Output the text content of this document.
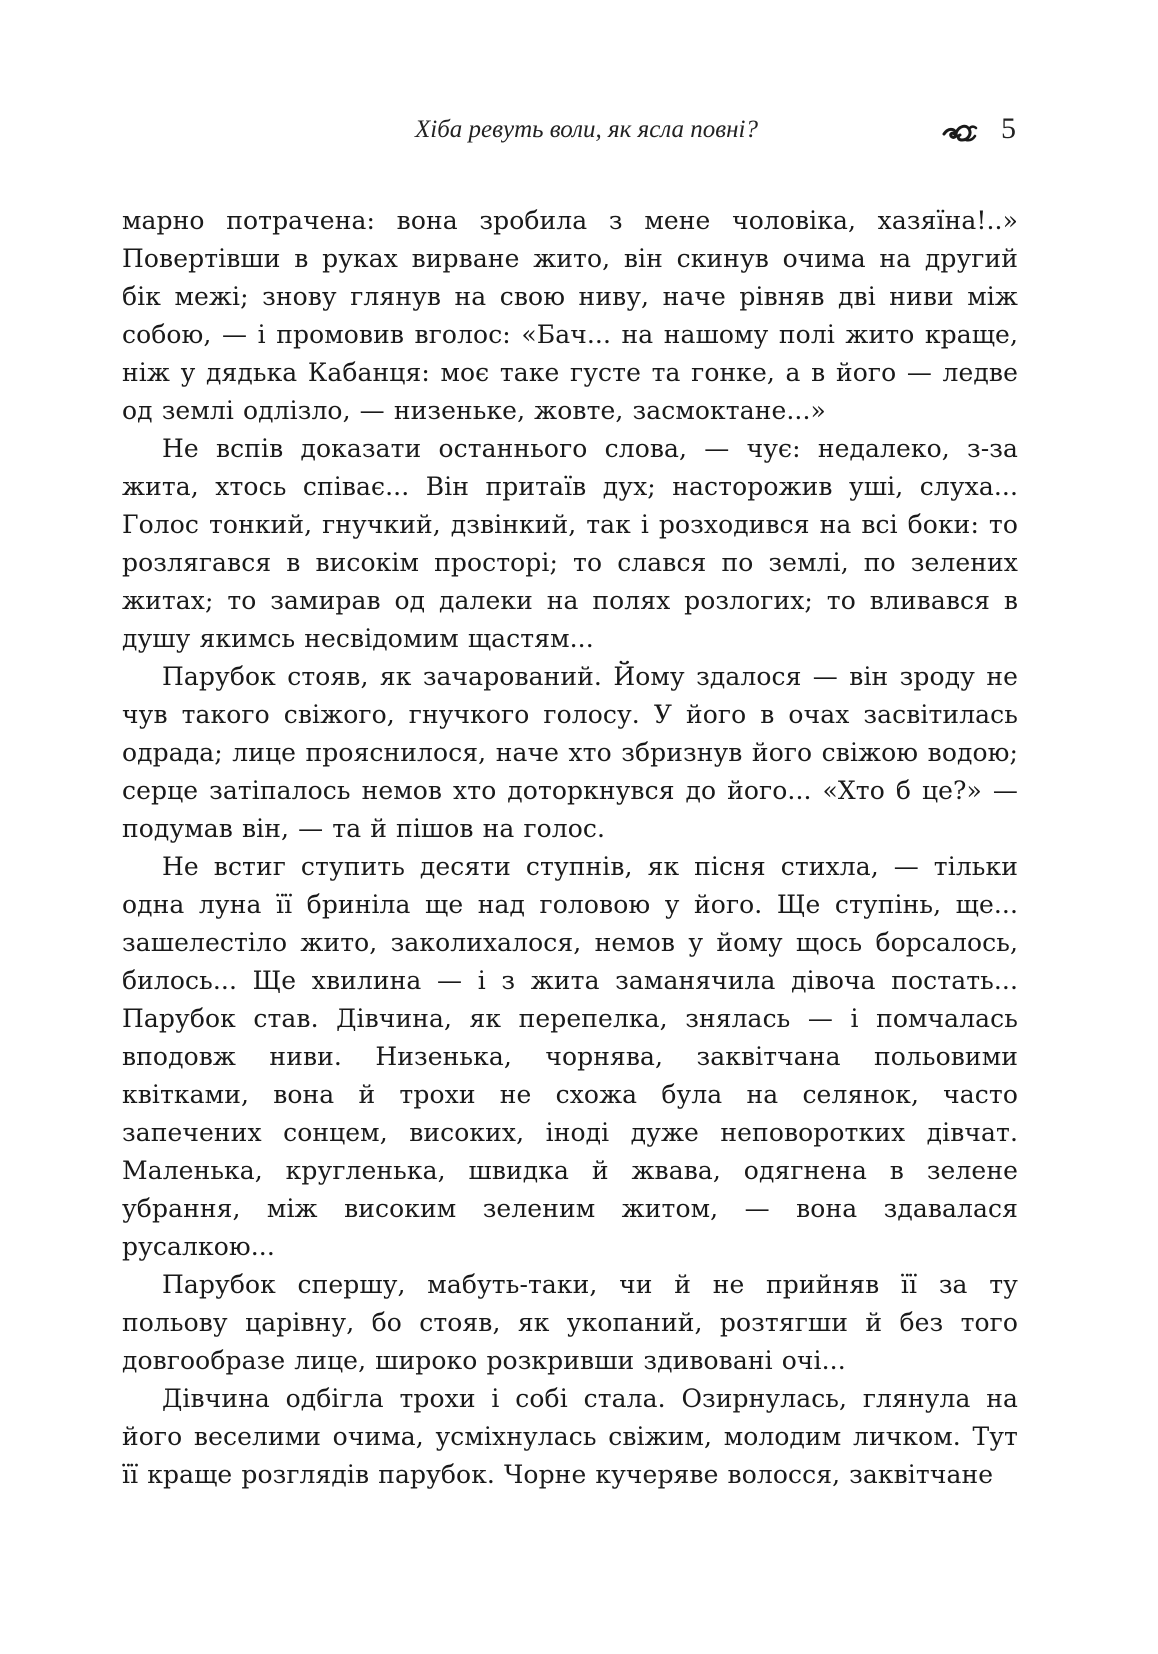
Хіба ревуть воли, як ясла повні?	5

марно потрачена: вона зробила з мене чоловіка, хазяїна!..» Повертівши в руках вирване жито, він скинув очима на другий бік межі; знову глянув на свою ниву, наче рівняв дві ниви між собою, — і промовив вголос: «Бач... на нашому полі жито краще, ніж у дядька Кабанця: моє таке густе та гонке, а в його — ледве од землі одлізло, — низеньке, жовте, засмоктане...»

Не вспів доказати останнього слова, — чує: недалеко, з-за жита, хтось співає... Він притаїв дух; насторожив уші, слуха... Голос тонкий, гнучкий, дзвінкий, так і розходився на всі боки: то розлягався в високім просторі; то слався по землі, по зелених житах; то замирав од далеки на полях розлогих; то вливався в душу якимсь несвідомим щастям...

Парубок стояв, як зачарований. Йому здалося — він зроду не чув такого свіжого, гнучкого голосу. У його в очах засвітилась одрада; лице прояснилося, наче хто збризнув його свіжою водою; серце затіпалось немов хто доторкнувся до його... «Хто б це?» — подумав він, — та й пішов на голос.

Не встиг ступить десяти ступнів, як пісня стихла, — тільки одна луна її бриніла ще над головою у його. Ще ступінь, ще... зашелестіло жито, заколихалося, немов у йому щось борсалось, билось... Ще хвилина — і з жита заманячила дівоча постать... Парубок став. Дівчина, як перепелка, знялась — і помчалась вподовж ниви. Низенька, чорнява, заквітчана польовими квітками, вона й трохи не схожа була на селянок, часто запечених сонцем, високих, іноді дуже неповоротких дівчат. Маленька, кругленька, швидка й жвава, одягнена в зелене убрання, між високим зеленим житом, — вона здавалася русалкою...

Парубок спершу, мабуть-таки, чи й не прийняв її за ту польову царівну, бо стояв, як укопаний, розтягши й без того довгообразе лице, широко розкривши здивовані очі...

Дівчина одбігла трохи і собі стала. Озирнулась, глянула на його веселими очима, усміхнулась свіжим, молодим личком. Тут її краще розглядів парубок. Чорне кучеряве волосся, заквітчане
